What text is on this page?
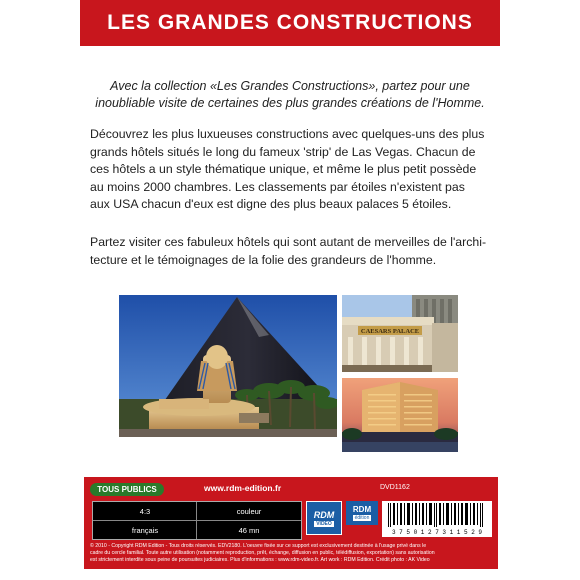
LES GRANDES CONSTRUCTIONS
Avec la collection «Les Grandes Constructions», partez pour une
inoubliable visite de certaines des plus grandes créations de l'Homme.
Découvrez les plus luxueuses constructions avec quelques-uns des plus
grands hôtels situés le long du fameux 'strip' de Las Vegas. Chacun de
ces hôtels a un style thématique unique, et même le plus petit possède
au moins 2000 chambres. Les classements par étoiles n'existent pas
aux USA chacun d'eux est digne des plus beaux palaces 5 étoiles.
Partez visiter ces fabuleux hôtels qui sont autant de merveilles de l'archi-
tecture et le témoignages de la folie des grandeurs de l'homme.
CAESARS PALACE
TOUS PUBLICS	www.rdm-edition.fr	DVD1162
4:3	couleur
français	46 mn
RDM
VIDEO
RDM
édition
3 7 5 0 1 2 7 3 1 1 5 2 9
© 2010 - Copyright RDM Edition - Tous droits réservés. EDV2180. L'oeuvre fixée sur ce support est exclusivement destinée à l'usage privé dans le
cadre du cercle familial. Toute autre utilisation (notamment reproduction, prêt, échange, diffusion en public, télédiffusion, exportation) sans autorisation
est strictement interdite sous peine de poursuites judiciaires. Plus d'informations : www.rdm-video.fr. Art work : RDM Edition. Crédit photo : AK Video
